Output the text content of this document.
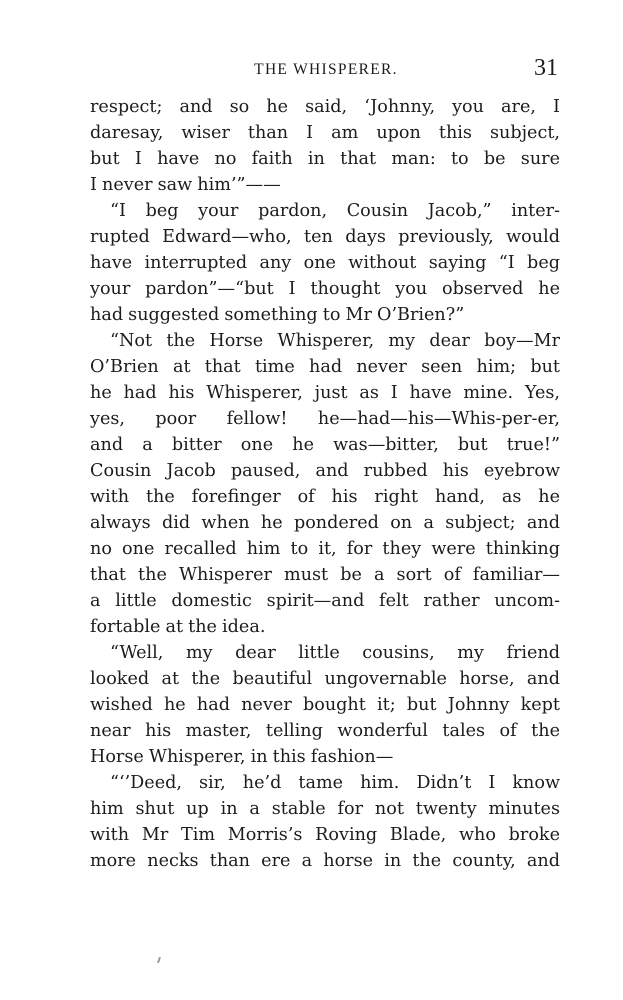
THE WHISPERER.	31
respect; and so he said, ‘Johnny, you are, I
daresay, wiser than I am upon this subject,
but I have no faith in that man: to be sure
I never saw him’”——
“I beg your pardon, Cousin Jacob,” inter-
rupted Edward—who, ten days previously, would
have interrupted any one without saying “I beg
your pardon”—“but I thought you observed he
had suggested something to Mr O’Brien?”
“Not the Horse Whisperer, my dear boy—Mr
O’Brien at that time had never seen him; but
he had his Whisperer, just as I have mine. Yes,
yes, poor fellow! he—had—his—Whis-per-er,
and a bitter one he was—bitter, but true!”
Cousin Jacob paused, and rubbed his eyebrow
with the forefinger of his right hand, as he
always did when he pondered on a subject; and
no one recalled him to it, for they were thinking
that the Whisperer must be a sort of familiar—
a little domestic spirit—and felt rather uncom-
fortable at the idea.
“Well, my dear little cousins, my friend
looked at the beautiful ungovernable horse, and
wished he had never bought it; but Johnny kept
near his master, telling wonderful tales of the
Horse Whisperer, in this fashion—
“‘’Deed, sir, he’d tame him. Didn’t I know
him shut up in a stable for not twenty minutes
with Mr Tim Morris’s Roving Blade, who broke
more necks than ere a horse in the county, and
